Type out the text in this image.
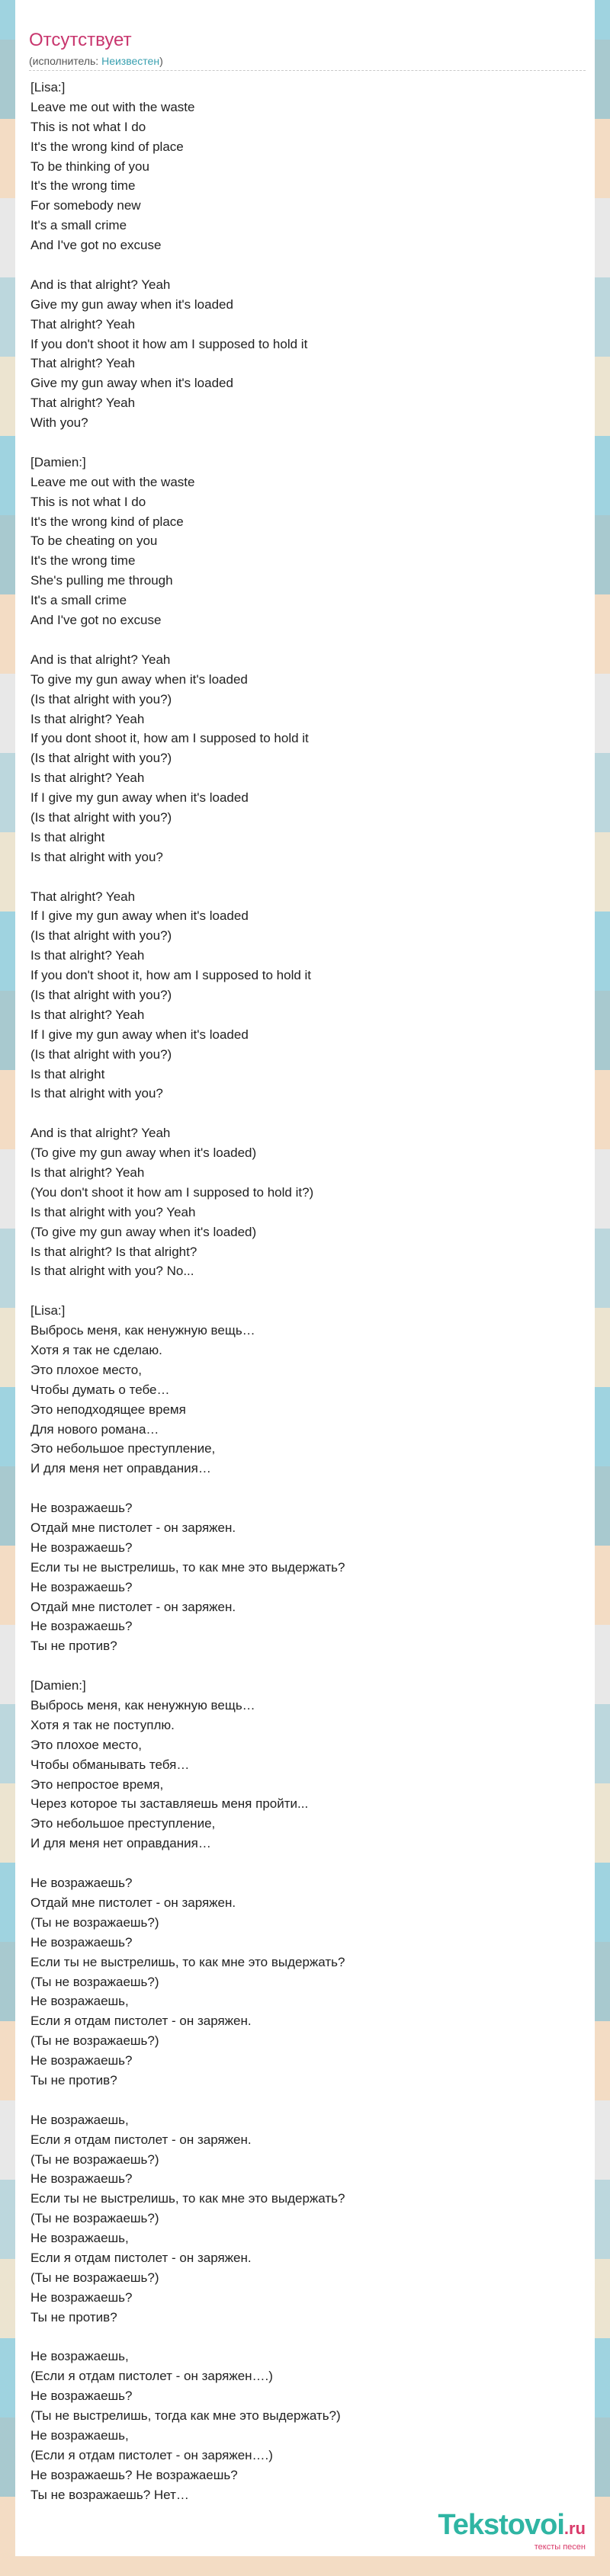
Отсутствует
(исполнитель: Неизвестен)
[Lisa:]
Leave me out with the waste
This is not what I do
It's the wrong kind of place
To be thinking of you
It's the wrong time
For somebody new
It's a small crime
And I've got no excuse
And is that alright? Yeah
Give my gun away when it's loaded
That alright? Yeah
If you don't shoot it how am I supposed to hold it
That alright? Yeah
Give my gun away when it's loaded
That alright? Yeah
With you?
[Damien:]
Leave me out with the waste
This is not what I do
It's the wrong kind of place
To be cheating on you
It's the wrong time
She's pulling me through
It's a small crime
And I've got no excuse
And is that alright? Yeah
To give my gun away when it's loaded
(Is that alright with you?)
Is that alright? Yeah
If you dont shoot it, how am I supposed to hold it
(Is that alright with you?)
Is that alright? Yeah
If I give my gun away when it's loaded
(Is that alright with you?)
Is that alright
Is that alright with you?
That alright? Yeah
If I give my gun away when it's loaded
(Is that alright with you?)
Is that alright? Yeah
If you don't shoot it, how am I supposed to hold it
(Is that alright with you?)
Is that alright? Yeah
If I give my gun away when it's loaded
(Is that alright with you?)
Is that alright
Is that alright with you?
And is that alright? Yeah
(To give my gun away when it's loaded)
Is that alright? Yeah
(You don't shoot it how am I supposed to hold it?)
Is that alright with you? Yeah
(To give my gun away when it's loaded)
Is that alright? Is that alright?
Is that alright with you? No...
[Lisa:]
Выбрось меня, как ненужную вещь…
Хотя я так не сделаю.
Это плохое место,
Чтобы думать о тебе…
Это неподходящее время
Для нового романа…
Это небольшое преступление,
И для меня нет оправдания…
Не возражаешь?
Отдай мне пистолет - он заряжен.
Не возражаешь?
Если ты не выстрелишь, то как мне это выдержать?
Не возражаешь?
Отдай мне пистолет - он заряжен.
Не возражаешь?
Ты не против?
[Damien:]
Выбрось меня, как ненужную вещь…
Хотя я так не поступлю.
Это плохое место,
Чтобы обманывать тебя…
Это непростое время,
Через которое ты заставляешь меня пройти...
Это небольшое преступление,
И для меня нет оправдания…
Не возражаешь?
Отдай мне пистолет - он заряжен.
(Ты не возражаешь?)
Не возражаешь?
Если ты не выстрелишь, то как мне это выдержать?
(Ты не возражаешь?)
Не возражаешь,
Если я отдам пистолет - он заряжен.
(Ты не возражаешь?)
Не возражаешь?
Ты не против?
Не возражаешь,
Если я отдам пистолет - он заряжен.
(Ты не возражаешь?)
Не возражаешь?
Если ты не выстрелишь, то как мне это выдержать?
(Ты не возражаешь?)
Не возражаешь,
Если я отдам пистолет - он заряжен.
(Ты не возражаешь?)
Не возражаешь?
Ты не против?
Не возражаешь,
(Если я отдам пистолет - он заряжен….)
Не возражаешь?
(Ты не выстрелишь, тогда как мне это выдержать?)
Не возражаешь,
(Если я отдам пистолет - он заряжен….)
Не возражаешь? Не возражаешь?
Ты не возражаешь? Нет…
Tekstovoi.ru
тексты песен
